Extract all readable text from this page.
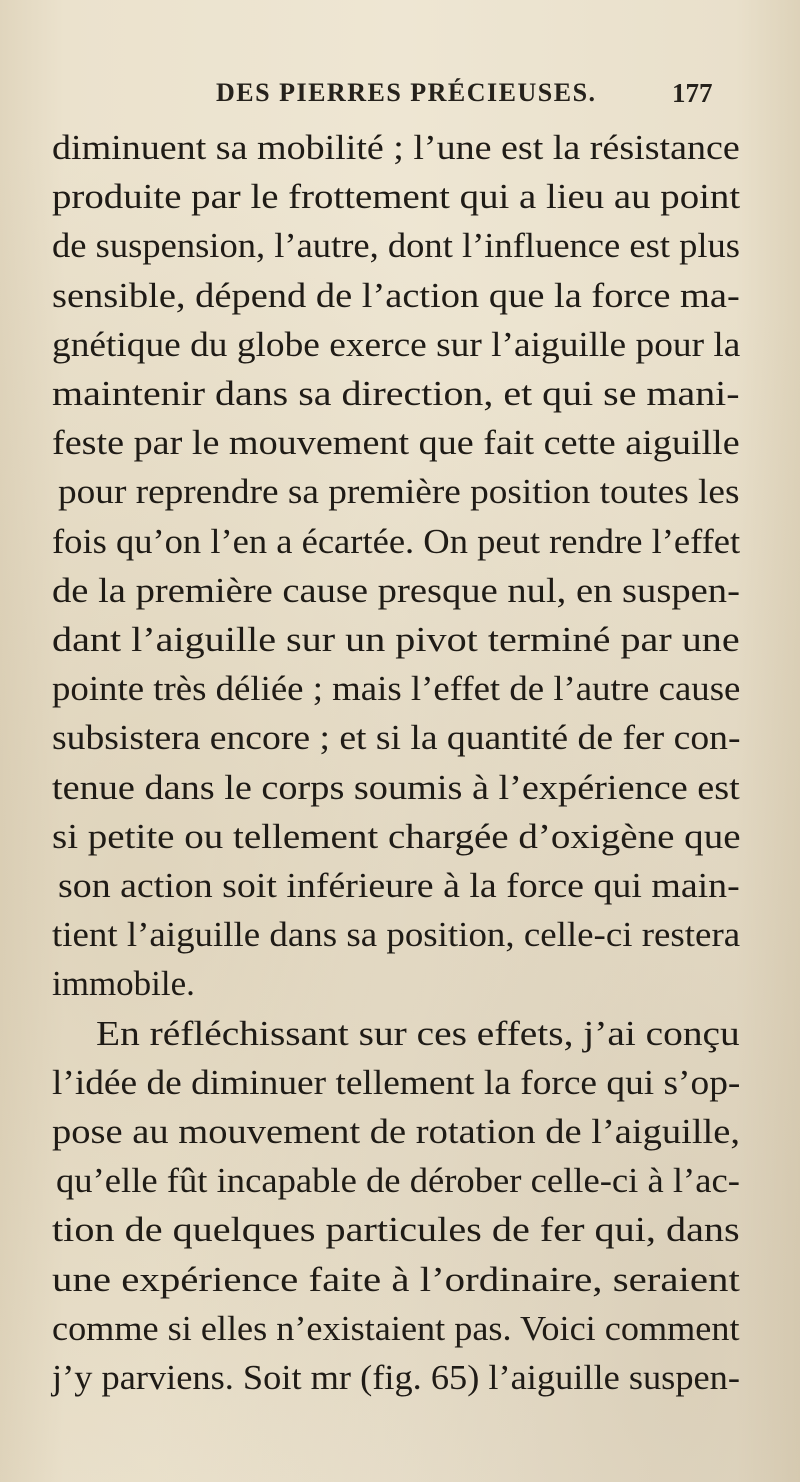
DES PIERRES PRÉCIEUSES.	177
diminuent sa mobilité ; l’une est la résistance
produite par le frottement qui a lieu au point
de suspension, l’autre, dont l’influence est plus
sensible, dépend de l’action que la force ma-
gnétique du globe exerce sur l’aiguille pour la
maintenir dans sa direction, et qui se mani-
feste par le mouvement que fait cette aiguille
pour reprendre sa première position toutes les
fois qu’on l’en a écartée. On peut rendre l’effet
de la première cause presque nul, en suspen-
dant l’aiguille sur un pivot terminé par une
pointe très déliée ; mais l’effet de l’autre cause
subsistera encore ; et si la quantité de fer con-
tenue dans le corps soumis à l’expérience est
si petite ou tellement chargée d’oxigène que
son action soit inférieure à la force qui main-
tient l’aiguille dans sa position, celle-ci restera
immobile.
En réfléchissant sur ces effets, j’ai conçu
l’idée de diminuer tellement la force qui s’op-
pose au mouvement de rotation de l’aiguille,
qu’elle fût incapable de dérober celle-ci à l’ac-
tion de quelques particules de fer qui, dans
une expérience faite à l’ordinaire, seraient
comme si elles n’existaient pas. Voici comment
j’y parviens. Soit mr (fig. 65) l’aiguille suspen-
